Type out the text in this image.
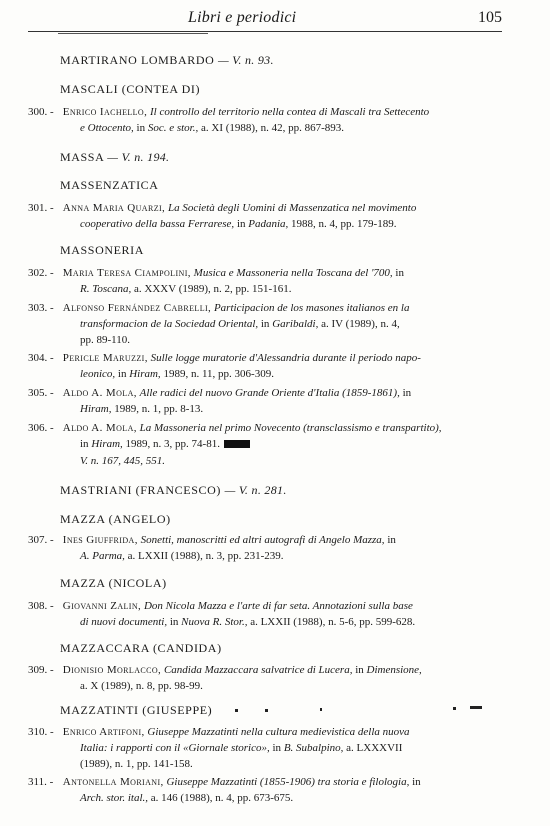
Libri e periodici	105
MARTIRANO LOMBARDO — V. n. 93.
MASCALI (CONTEA DI)
300. - Enrico Iachello, Il controllo del territorio nella contea di Mascali tra Settecento
e Ottocento, in Soc. e stor., a. XI (1988), n. 42, pp. 867-893.
MASSA — V. n. 194.
MASSENZATICA
301. - Anna Maria Quarzi, La Società degli Uomini di Massenzatica nel movimento
cooperativo della bassa Ferrarese, in Padania, 1988, n. 4, pp. 179-189.
MASSONERIA
302. - Maria Teresa Ciampolini, Musica e Massoneria nella Toscana del '700, in
R. Toscana, a. XXXV (1989), n. 2, pp. 151-161.
303. - Alfonso Fernández Cabrelli, Participacion de los masones italianos en la
transformacion de la Sociedad Oriental, in Garibaldi, a. IV (1989), n. 4,
pp. 89-110.
304. - Pericle Maruzzi, Sulle logge muratorie d'Alessandria durante il periodo napo-
leonico, in Hiram, 1989, n. 11, pp. 306-309.
305. - Aldo A. Mola, Alle radici del nuovo Grande Oriente d'Italia (1859-1861), in
Hiram, 1989, n. 1, pp. 8-13.
306. - Aldo A. Mola, La Massoneria nel primo Novecento (transclassismo e transpartito),
in Hiram, 1989, n. 3, pp. 74-81.
V. n. 167, 445, 551.
MASTRIANI (FRANCESCO) — V. n. 281.
MAZZA (ANGELO)
307. - Ines Giuffrida, Sonetti, manoscritti ed altri autografi di Angelo Mazza, in
A. Parma, a. LXXII (1988), n. 3, pp. 231-239.
MAZZA (NICOLA)
308. - Giovanni Zalin, Don Nicola Mazza e l'arte di far seta. Annotazioni sulla base
di nuovi documenti, in Nuova R. Stor., a. LXXII (1988), n. 5-6, pp. 599-628.
MAZZACCARA (CANDIDA)
309. - Dionisio Morlacco, Candida Mazzaccara salvatrice di Lucera, in Dimensione,
a. X (1989), n. 8, pp. 98-99.
MAZZATINTI (GIUSEPPE)
310. - Enrico Artifoni, Giuseppe Mazzatinti nella cultura medievistica della nuova
Italia: i rapporti con il «Giornale storico», in B. Subalpino, a. LXXXVII
(1989), n. 1, pp. 141-158.
311. - Antonella Moriani, Giuseppe Mazzatinti (1855-1906) tra storia e filologia, in
Arch. stor. ital., a. 146 (1988), n. 4, pp. 673-675.
